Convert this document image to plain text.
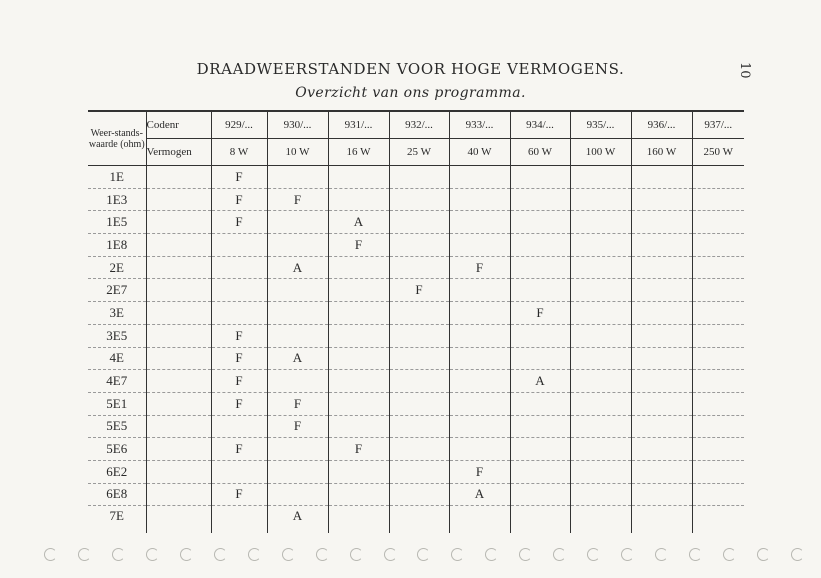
10
DRAADWEERSTANDEN VOOR HOGE VERMOGENS.
Overzicht van ons programma.
Weer-stands-waarde (ohm)	Codenr	929/...	930/...	931/...	932/...	933/...	934/...	935/...	936/...	937/...
	Vermogen	8 W	10 W	16 W	25 W	40 W	60 W	100 W	160 W	250 W
1E		F								
1E3		F	F							
1E5		F		A						
1E8				F						
2E			A			F				
2E7					F					
3E							F			
3E5		F								
4E		F	A							
4E7		F					A			
5E1		F	F							
5E5			F							
5E6		F		F						
6E2						F				
6E8		F				A				
7E			A							
